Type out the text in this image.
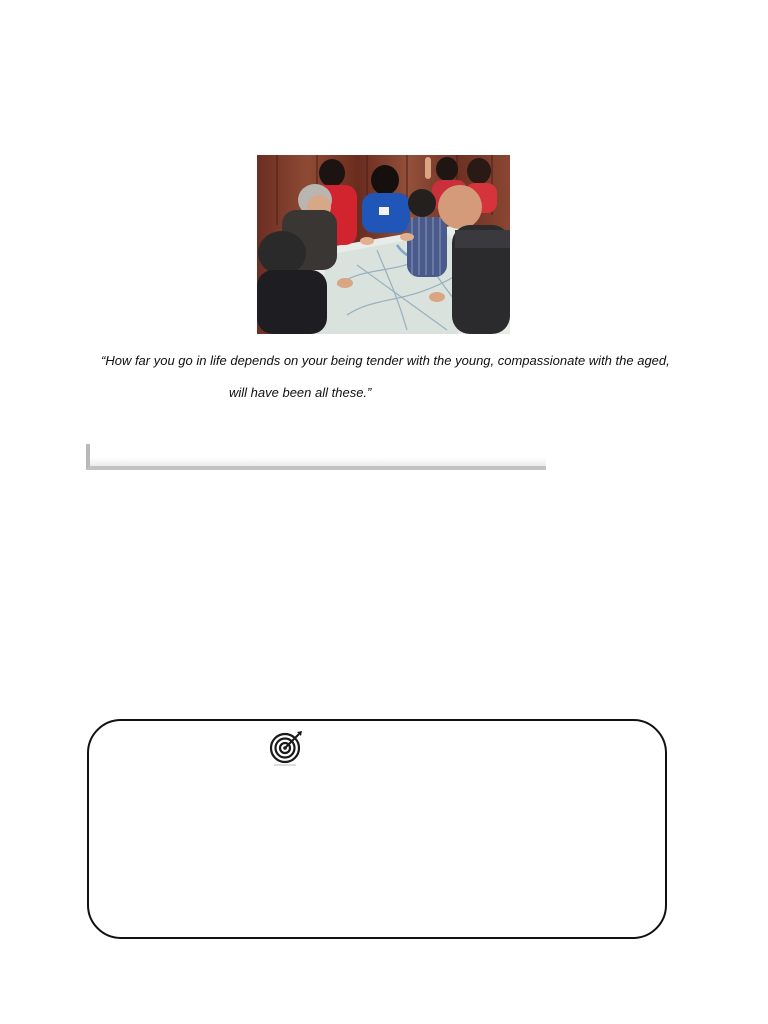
“How far you go in life depends on your being tender with the young, compassionate with the aged,
will have been all these.”
